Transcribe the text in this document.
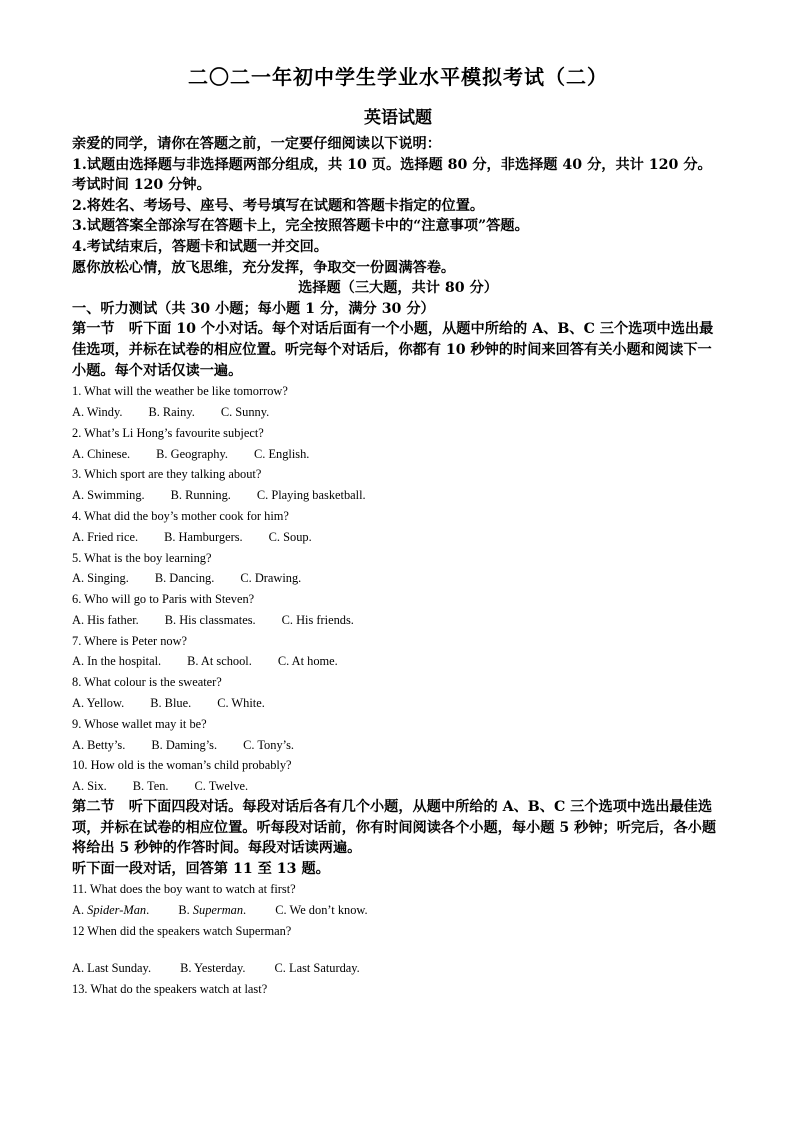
二〇二一年初中学生学业水平模拟考试（二）
英语试题
亲爱的同学，请你在答题之前，一定要仔细阅读以下说明：
1.试题由选择题与非选择题两部分组成，共 10 页。选择题 80 分，非选择题 40 分，共计 120 分。考试时间 120 分钟。
2.将姓名、考场号、座号、考号填写在试题和答题卡指定的位置。
3.试题答案全部涂写在答题卡上，完全按照答题卡中的“注意事项”答题。
4.考试结束后，答题卡和试题一并交回。
愿你放松心情，放飞思维，充分发挥，争取交一份圆满答卷。
选择题（三大题，共计 80 分）
一、听力测试（共 30 小题；每小题 1 分，满分 30 分）
第一节　听下面 10 个小对话。每个对话后面有一个小题，从题中所给的 A、B、C 三个选项中选出最佳选项，并标在试卷的相应位置。听完每个对话后，你都有 10 秒钟的时间来回答有关小题和阅读下一小题。每个对话仅读一遍。
1. What will the weather be like tomorrow?
A. Windy. B. Rainy. C. Sunny.
2. What’s Li Hong’s favourite subject?
A. Chinese. B. Geography. C. English.
3. Which sport are they talking about?
A. Swimming. B. Running. C. Playing basketball.
4. What did the boy’s mother cook for him?
A. Fried rice. B. Hamburgers. C. Soup.
5. What is the boy learning?
A. Singing. B. Dancing. C. Drawing.
6. Who will go to Paris with Steven?
A. His father. B. His classmates. C. His friends.
7. Where is Peter now?
A. In the hospital. B. At school. C. At home.
8. What colour is the sweater?
A. Yellow. B. Blue. C. White.
9. Whose wallet may it be?
A. Betty’s. B. Daming’s. C. Tony’s.
10. How old is the woman’s child probably?
A. Six. B. Ten. C. Twelve.
第二节　听下面四段对话。每段对话后各有几个小题，从题中所给的 A、B、C 三个选项中选出最佳选项，并标在试卷的相应位置。听每段对话前，你有时间阅读各个小题，每小题 5 秒钟；听完后，各小题将给出 5 秒钟的作答时间。每段对话读两遍。
听下面一段对话，回答第 11 至 13 题。
11. What does the boy want to watch at first?
A. Spider-Man. B. Superman. C. We don’t know.
12 When did the speakers watch Superman?
A. Last Sunday. B. Yesterday. C. Last Saturday.
13. What do the speakers watch at last?
